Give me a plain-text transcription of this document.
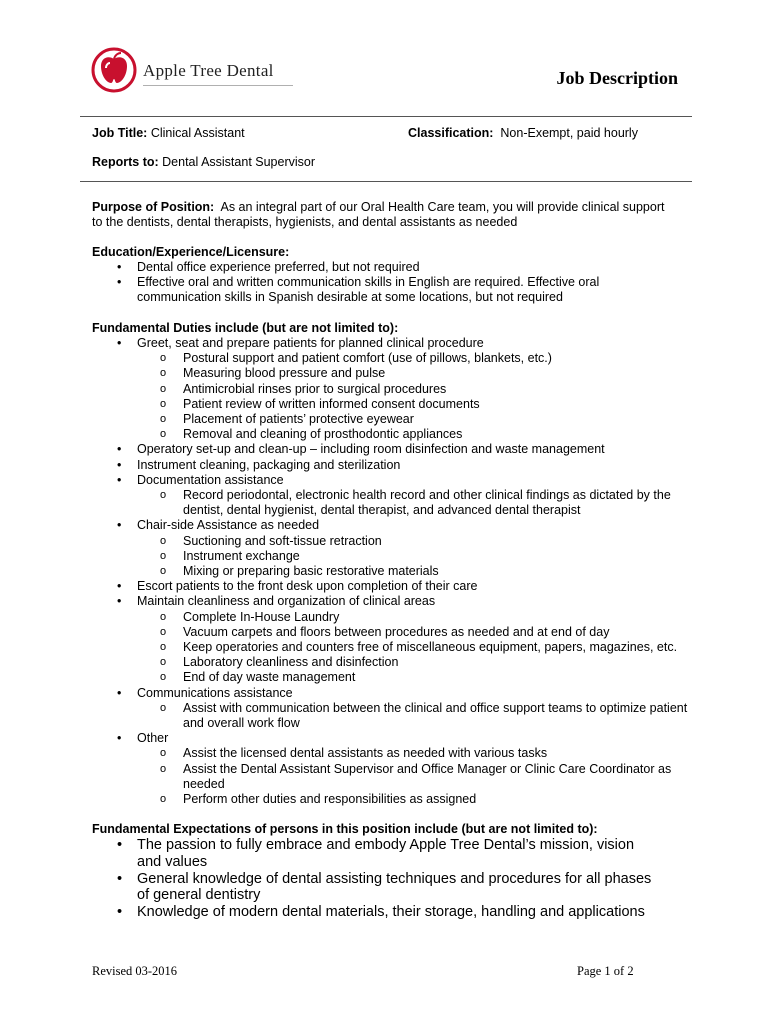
Apple Tree Dental	Job Description
Job Title: Clinical Assistant	Classification: Non-Exempt, paid hourly
Reports to: Dental Assistant Supervisor
Purpose of Position: As an integral part of our Oral Health Care team, you will provide clinical support
to the dentists, dental therapists, hygienists, and dental assistants as needed
Education/Experience/Licensure:
• Dental office experience preferred, but not required
• Effective oral and written communication skills in English are required. Effective oral communication skills in Spanish desirable at some locations, but not required
Fundamental Duties include (but are not limited to):
• Greet, seat and prepare patients for planned clinical procedure
o Postural support and patient comfort (use of pillows, blankets, etc.)
o Measuring blood pressure and pulse
o Antimicrobial rinses prior to surgical procedures
o Patient review of written informed consent documents
o Placement of patients’ protective eyewear
o Removal and cleaning of prosthodontic appliances
• Operatory set-up and clean-up – including room disinfection and waste management
• Instrument cleaning, packaging and sterilization
• Documentation assistance
o Record periodontal, electronic health record and other clinical findings as dictated by the dentist, dental hygienist, dental therapist, and advanced dental therapist
• Chair-side Assistance as needed
o Suctioning and soft-tissue retraction
o Instrument exchange
o Mixing or preparing basic restorative materials
• Escort patients to the front desk upon completion of their care
• Maintain cleanliness and organization of clinical areas
o Complete In-House Laundry
o Vacuum carpets and floors between procedures as needed and at end of day
o Keep operatories and counters free of miscellaneous equipment, papers, magazines, etc.
o Laboratory cleanliness and disinfection
o End of day waste management
• Communications assistance
o Assist with communication between the clinical and office support teams to optimize patient and overall work flow
• Other
o Assist the licensed dental assistants as needed with various tasks
o Assist the Dental Assistant Supervisor and Office Manager or Clinic Care Coordinator as needed
o Perform other duties and responsibilities as assigned
Fundamental Expectations of persons in this position include (but are not limited to):
• The passion to fully embrace and embody Apple Tree Dental’s mission, vision and values
• General knowledge of dental assisting techniques and procedures for all phases of general dentistry
• Knowledge of modern dental materials, their storage, handling and applications
Revised 03-2016	Page 1 of 2
